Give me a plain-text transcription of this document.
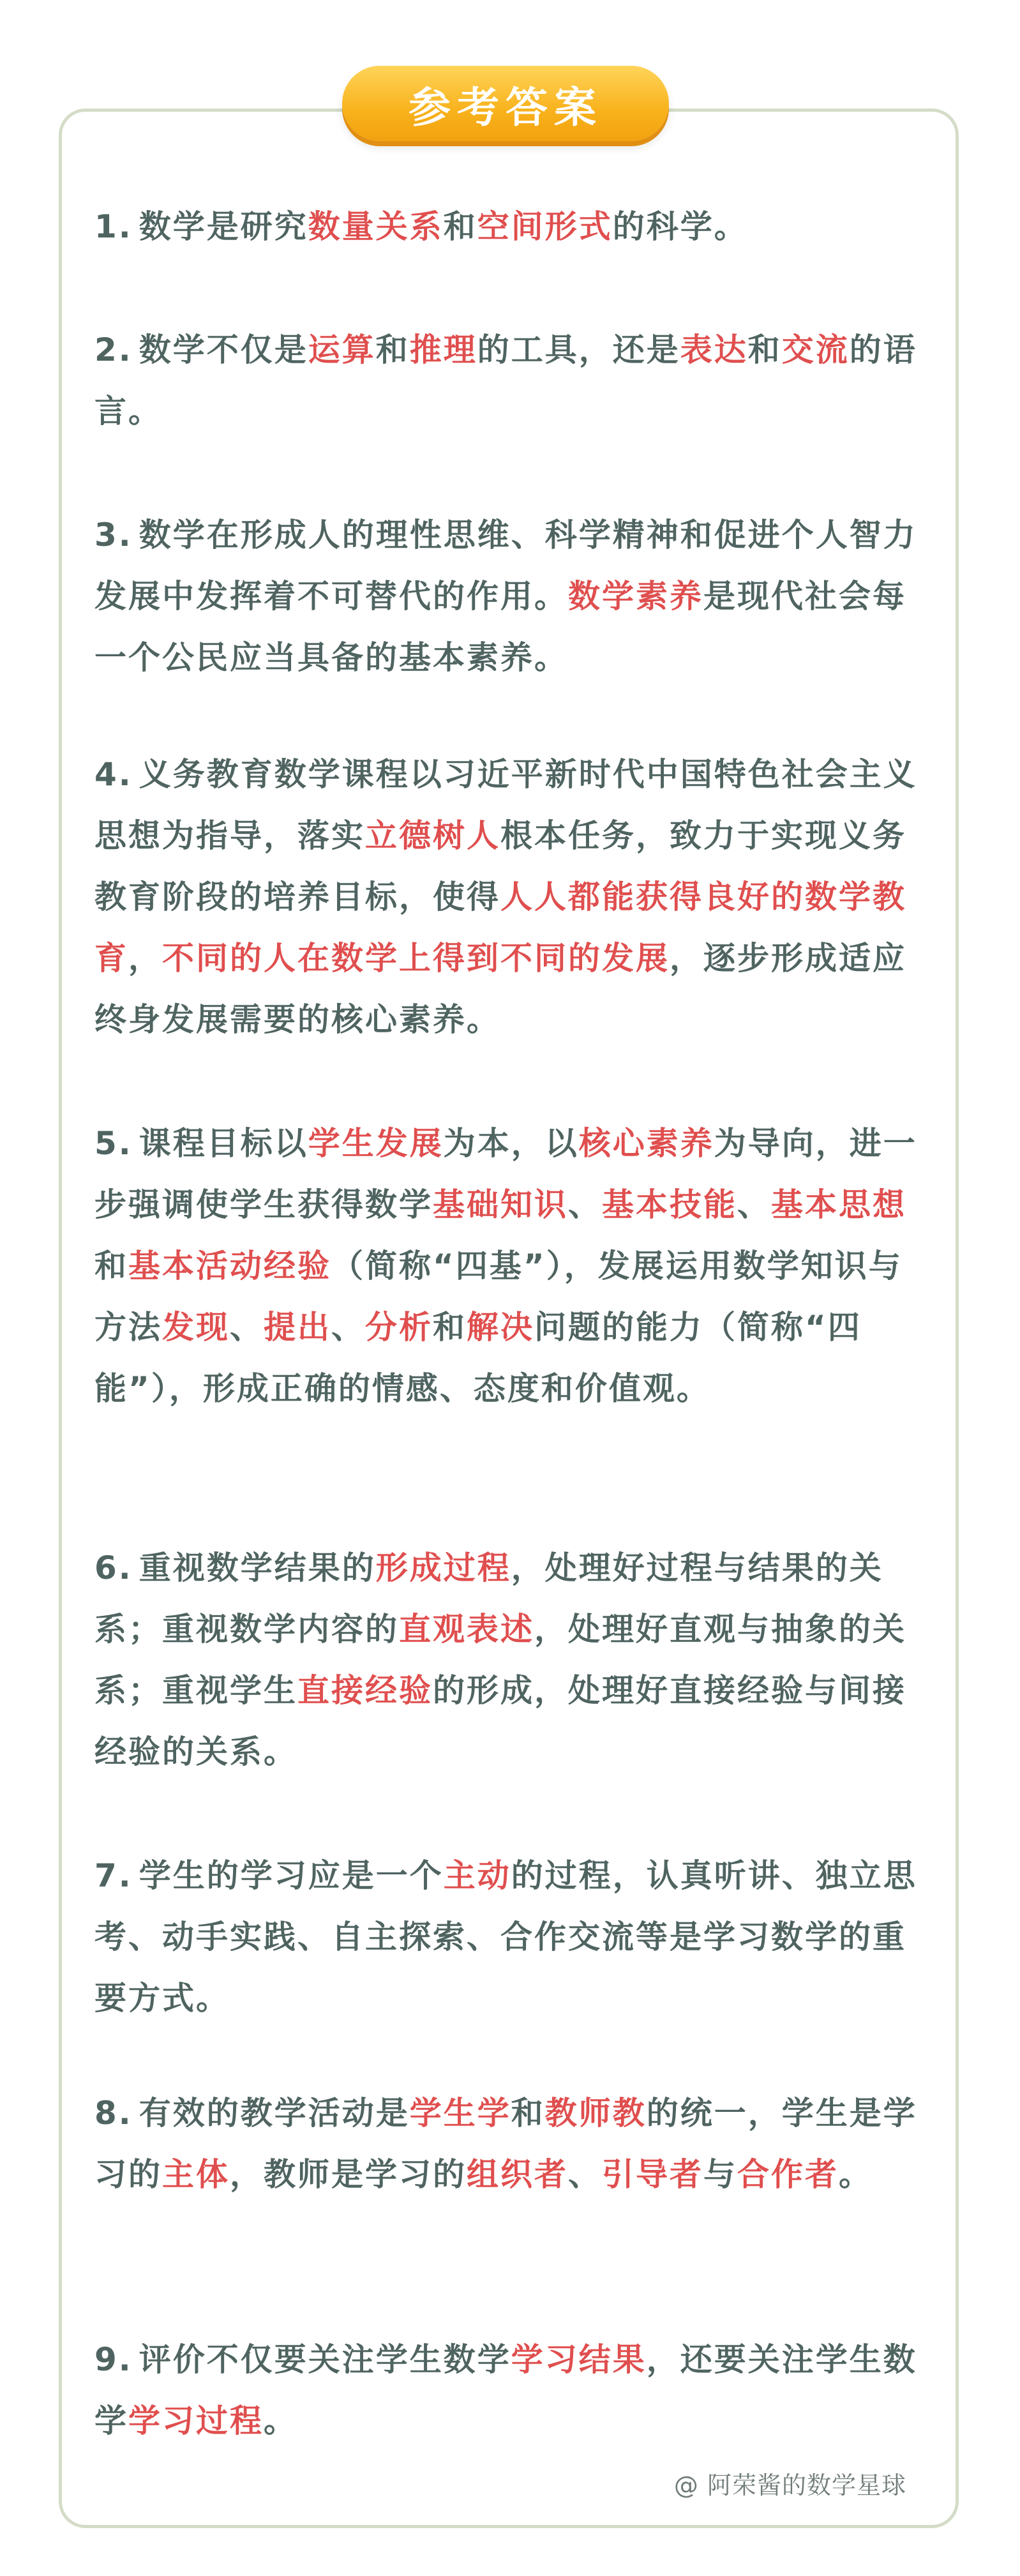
参考答案

1. 数学是研究数量关系和空间形式的科学。

2. 数学不仅是运算和推理的工具，还是表达和交流的语言。

3. 数学在形成人的理性思维、科学精神和促进个人智力发展中发挥着不可替代的作用。数学素养是现代社会每一个公民应当具备的基本素养。

4. 义务教育数学课程以习近平新时代中国特色社会主义思想为指导，落实立德树人根本任务，致力于实现义务教育阶段的培养目标，使得人人都能获得良好的数学教育，不同的人在数学上得到不同的发展，逐步形成适应终身发展需要的核心素养。

5. 课程目标以学生发展为本，以核心素养为导向，进一步强调使学生获得数学基础知识、基本技能、基本思想和基本活动经验（简称“四基”），发展运用数学知识与方法发现、提出、分析和解决问题的能力（简称“四能”），形成正确的情感、态度和价值观。

6. 重视数学结果的形成过程，处理好过程与结果的关系；重视数学内容的直观表述，处理好直观与抽象的关系；重视学生直接经验的形成，处理好直接经验与间接经验的关系。

7. 学生的学习应是一个主动的过程，认真听讲、独立思考、动手实践、自主探索、合作交流等是学习数学的重要方式。

8. 有效的教学活动是学生学和教师教的统一，学生是学习的主体，教师是学习的组织者、引导者与合作者。

9. 评价不仅要关注学生数学学习结果，还要关注学生数学学习过程。

@ 阿荣酱的数学星球
